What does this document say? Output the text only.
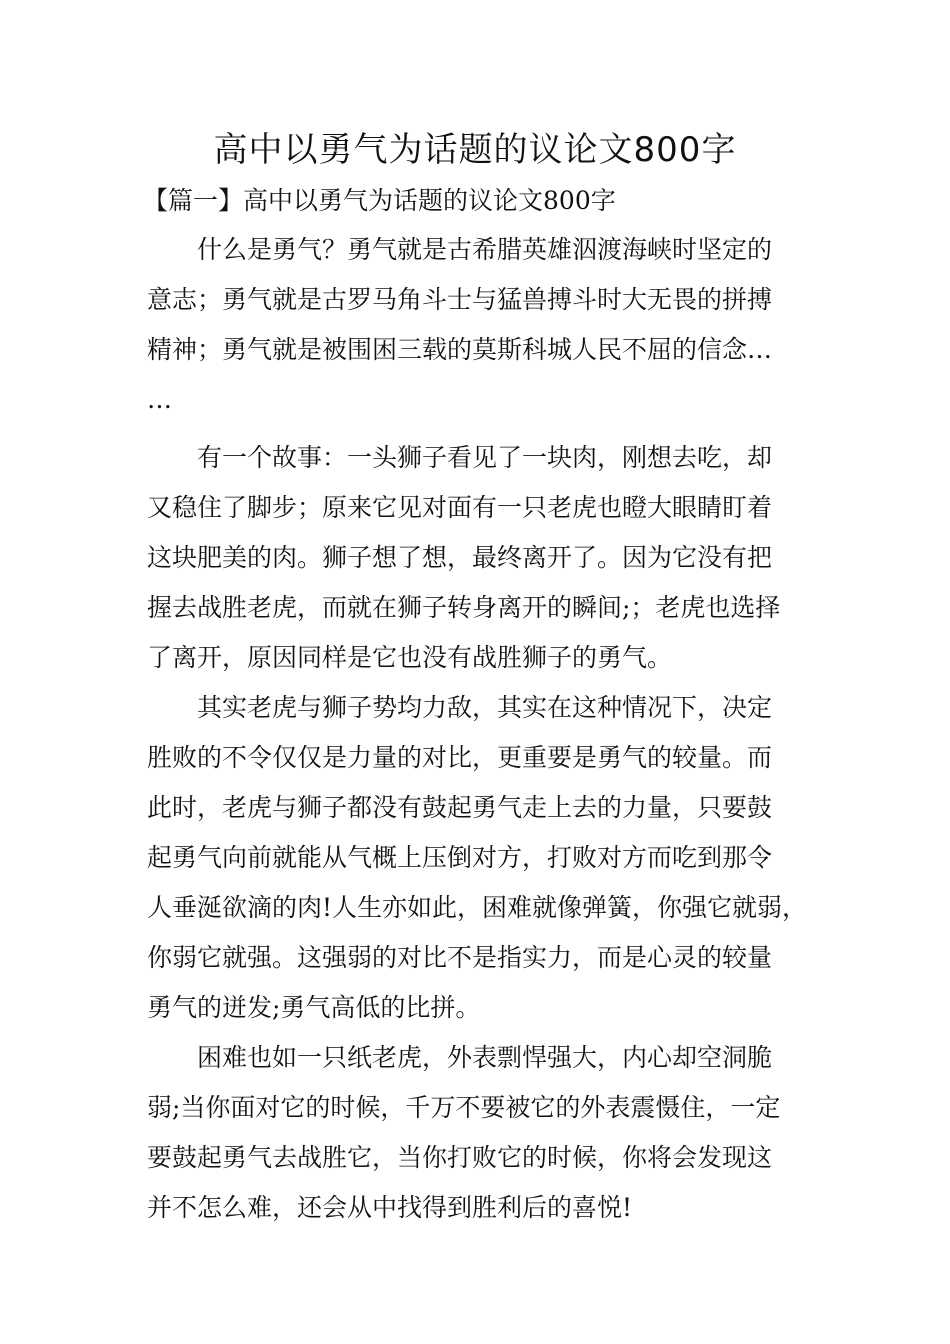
高中以勇气为话题的议论文800字
【篇一】高中以勇气为话题的议论文800字
什么是勇气？勇气就是古希腊英雄泅渡海峡时坚定的
意志；勇气就是古罗马角斗士与猛兽搏斗时大无畏的拼搏
精神；勇气就是被围困三载的莫斯科城人民不屈的信念…
…
有一个故事：一头狮子看见了一块肉，刚想去吃，却
又稳住了脚步；原来它见对面有一只老虎也瞪大眼睛盯着
这块肥美的肉。狮子想了想，最终离开了。因为它没有把
握去战胜老虎，而就在狮子转身离开的瞬间;；老虎也选择
了离开，原因同样是它也没有战胜狮子的勇气。
其实老虎与狮子势均力敌，其实在这种情况下，决定
胜败的不令仅仅是力量的对比，更重要是勇气的较量。而
此时，老虎与狮子都没有鼓起勇气走上去的力量，只要鼓
起勇气向前就能从气概上压倒对方，打败对方而吃到那令
人垂涎欲滴的肉!人生亦如此，困难就像弹簧，你强它就弱，
你弱它就强。这强弱的对比不是指实力，而是心灵的较量
勇气的迸发;勇气高低的比拼。
困难也如一只纸老虎，外表剽悍强大，内心却空洞脆
弱;当你面对它的时候，千万不要被它的外表震慑住，一定
要鼓起勇气去战胜它，当你打败它的时候，你将会发现这
并不怎么难，还会从中找得到胜利后的喜悦!
